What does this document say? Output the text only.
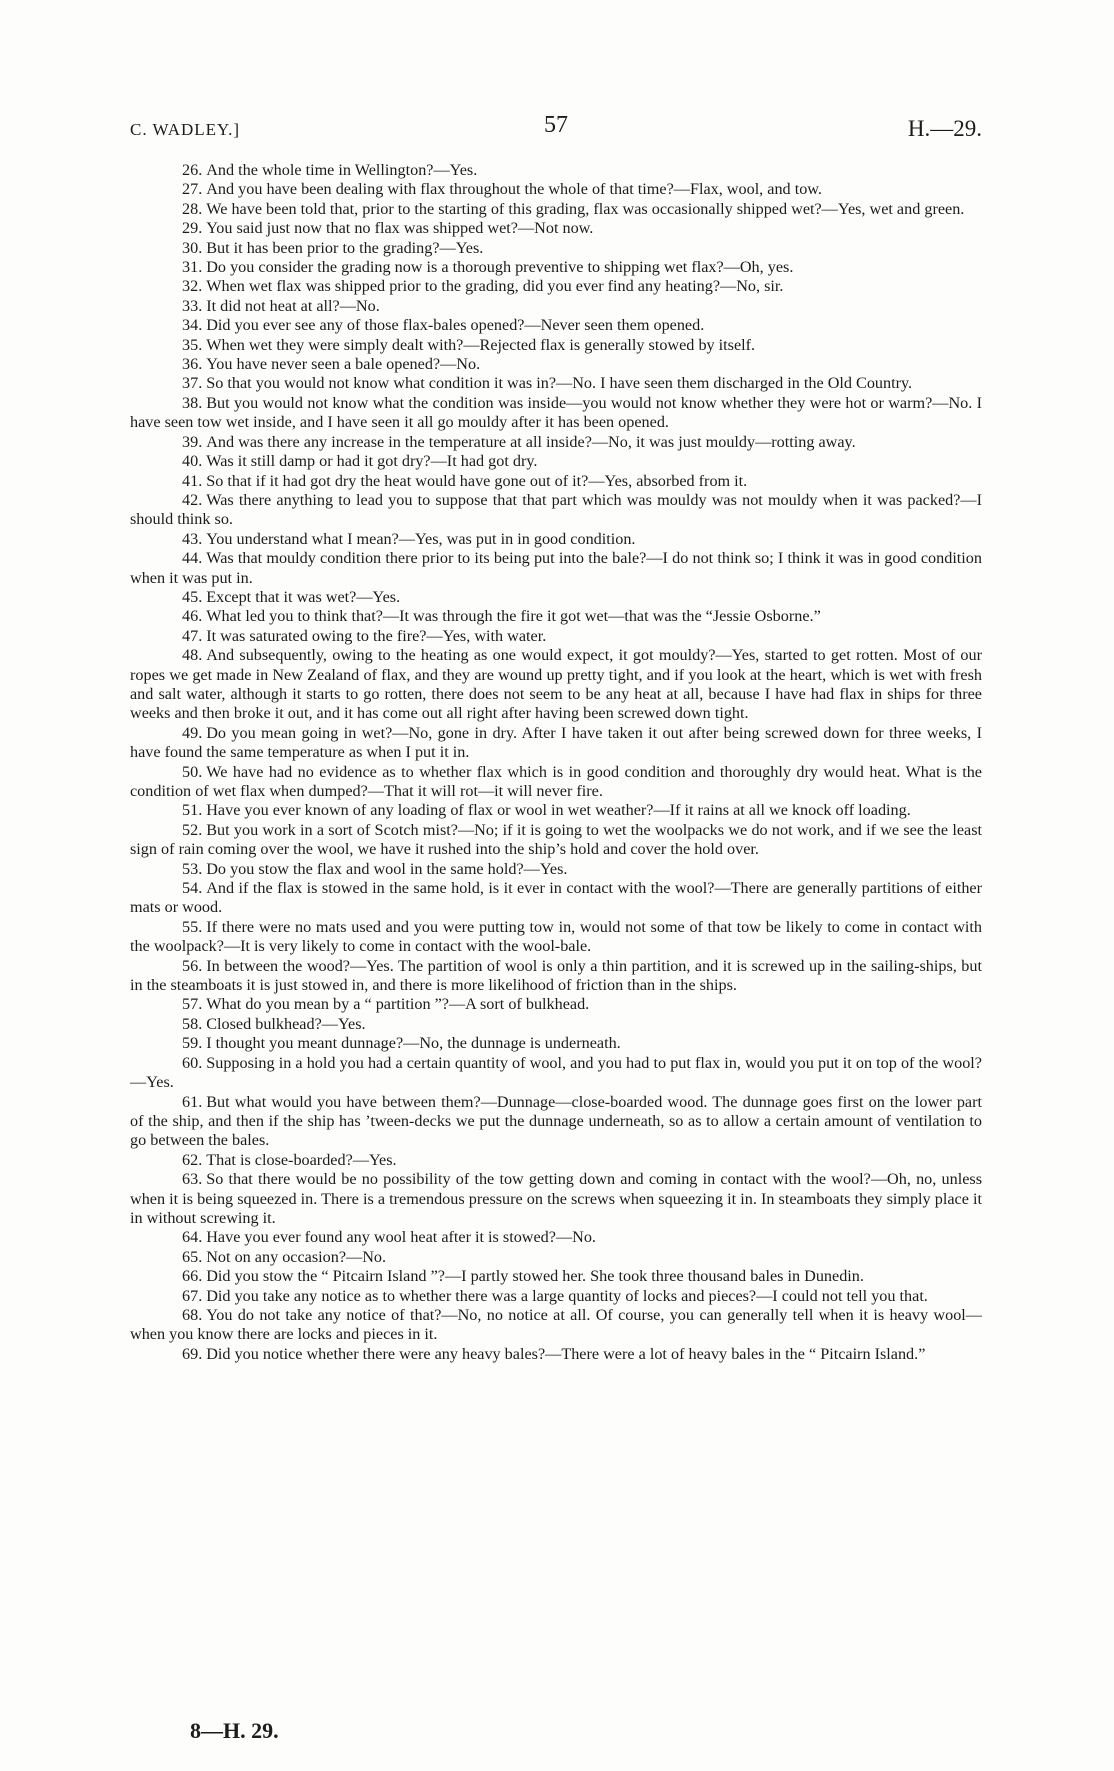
C. WADLEY.]	57	H.—29.

26. And the whole time in Wellington?—Yes.

27. And you have been dealing with flax throughout the whole of that time?—Flax, wool, and tow.

28. We have been told that, prior to the starting of this grading, flax was occasionally shipped wet?—Yes, wet and green.

29. You said just now that no flax was shipped wet?—Not now.

30. But it has been prior to the grading?—Yes.

31. Do you consider the grading now is a thorough preventive to shipping wet flax?—Oh, yes.

32. When wet flax was shipped prior to the grading, did you ever find any heating?—No, sir.

33. It did not heat at all?—No.

34. Did you ever see any of those flax-bales opened?—Never seen them opened.

35. When wet they were simply dealt with?—Rejected flax is generally stowed by itself.

36. You have never seen a bale opened?—No.

37. So that you would not know what condition it was in?—No. I have seen them discharged in the Old Country.

38. But you would not know what the condition was inside—you would not know whether they were hot or warm?—No. I have seen tow wet inside, and I have seen it all go mouldy after it has been opened.

39. And was there any increase in the temperature at all inside?—No, it was just mouldy—rotting away.

40. Was it still damp or had it got dry?—It had got dry.

41. So that if it had got dry the heat would have gone out of it?—Yes, absorbed from it.

42. Was there anything to lead you to suppose that that part which was mouldy was not mouldy when it was packed?—I should think so.

43. You understand what I mean?—Yes, was put in in good condition.

44. Was that mouldy condition there prior to its being put into the bale?—I do not think so; I think it was in good condition when it was put in.

45. Except that it was wet?—Yes.

46. What led you to think that?—It was through the fire it got wet—that was the “Jessie Osborne.”

47. It was saturated owing to the fire?—Yes, with water.

48. And subsequently, owing to the heating as one would expect, it got mouldy?—Yes, started to get rotten. Most of our ropes we get made in New Zealand of flax, and they are wound up pretty tight, and if you look at the heart, which is wet with fresh and salt water, although it starts to go rotten, there does not seem to be any heat at all, because I have had flax in ships for three weeks and then broke it out, and it has come out all right after having been screwed down tight.

49. Do you mean going in wet?—No, gone in dry. After I have taken it out after being screwed down for three weeks, I have found the same temperature as when I put it in.

50. We have had no evidence as to whether flax which is in good condition and thoroughly dry would heat. What is the condition of wet flax when dumped?—That it will rot—it will never fire.

51. Have you ever known of any loading of flax or wool in wet weather?—If it rains at all we knock off loading.

52. But you work in a sort of Scotch mist?—No; if it is going to wet the woolpacks we do not work, and if we see the least sign of rain coming over the wool, we have it rushed into the ship’s hold and cover the hold over.

53. Do you stow the flax and wool in the same hold?—Yes.

54. And if the flax is stowed in the same hold, is it ever in contact with the wool?—There are generally partitions of either mats or wood.

55. If there were no mats used and you were putting tow in, would not some of that tow be likely to come in contact with the woolpack?—It is very likely to come in contact with the wool-bale.

56. In between the wood?—Yes. The partition of wool is only a thin partition, and it is screwed up in the sailing-ships, but in the steamboats it is just stowed in, and there is more likelihood of friction than in the ships.

57. What do you mean by a “ partition ”?—A sort of bulkhead.

58. Closed bulkhead?—Yes.

59. I thought you meant dunnage?—No, the dunnage is underneath.

60. Supposing in a hold you had a certain quantity of wool, and you had to put flax in, would you put it on top of the wool?—Yes.

61. But what would you have between them?—Dunnage—close-boarded wood. The dunnage goes first on the lower part of the ship, and then if the ship has ’tween-decks we put the dunnage underneath, so as to allow a certain amount of ventilation to go between the bales.

62. That is close-boarded?—Yes.

63. So that there would be no possibility of the tow getting down and coming in contact with the wool?—Oh, no, unless when it is being squeezed in. There is a tremendous pressure on the screws when squeezing it in. In steamboats they simply place it in without screwing it.

64. Have you ever found any wool heat after it is stowed?—No.

65. Not on any occasion?—No.

66. Did you stow the “ Pitcairn Island ”?—I partly stowed her. She took three thousand bales in Dunedin.

67. Did you take any notice as to whether there was a large quantity of locks and pieces?—I could not tell you that.

68. You do not take any notice of that?—No, no notice at all. Of course, you can generally tell when it is heavy wool—when you know there are locks and pieces in it.

69. Did you notice whether there were any heavy bales?—There were a lot of heavy bales in the “ Pitcairn Island.”

8—H. 29.
